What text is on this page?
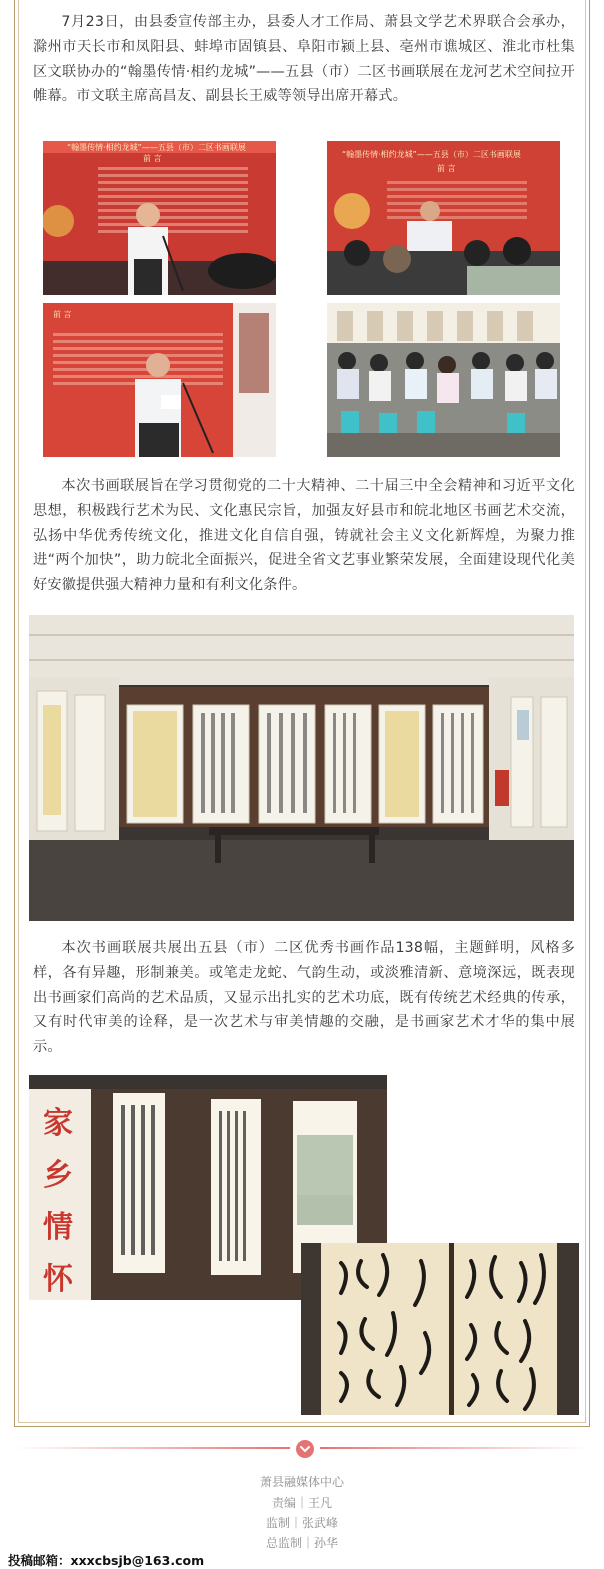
7月23日，由县委宣传部主办，县委人才工作局、萧县文学艺术界联合会承办，滁州市天长市和凤阳县、蚌埠市固镇县、阜阳市颍上县、亳州市谯城区、淮北市杜集区文联协办的“翰墨传情·相约龙城”——五县（市）二区书画联展在龙河艺术空间拉开帷幕。市文联主席高昌友、副县长王威等领导出席开幕式。

“翰墨传情·相约龙城”——五县（市）二区书画联展
前 言	“翰墨传情·相约龙城”——五县（市）二区书画联展
前 言
前 言

本次书画联展旨在学习贯彻党的二十大精神、二十届三中全会精神和习近平文化思想，积极践行艺术为民、文化惠民宗旨，加强友好县市和皖北地区书画艺术交流，弘扬中华优秀传统文化，推进文化自信自强，铸就社会主义文化新辉煌，为聚力推进“两个加快”，助力皖北全面振兴，促进全省文艺事业繁荣发展，全面建设现代化美好安徽提供强大精神力量和有利文化条件。

本次书画联展共展出五县（市）二区优秀书画作品138幅，主题鲜明，风格多样，各有异趣，形制兼美。或笔走龙蛇、气韵生动，或淡雅清新、意境深远，既表现出书画家们高尚的艺术品质，又显示出扎实的艺术功底，既有传统艺术经典的传承，又有时代审美的诠释，是一次艺术与审美情趣的交融，是书画家艺术才华的集中展示。

家
乡
情
怀
萧县融媒体中心
责编｜王凡
监制｜张武峰
总监制｜孙华
投稿邮箱：xxxcbsjb@163.com
